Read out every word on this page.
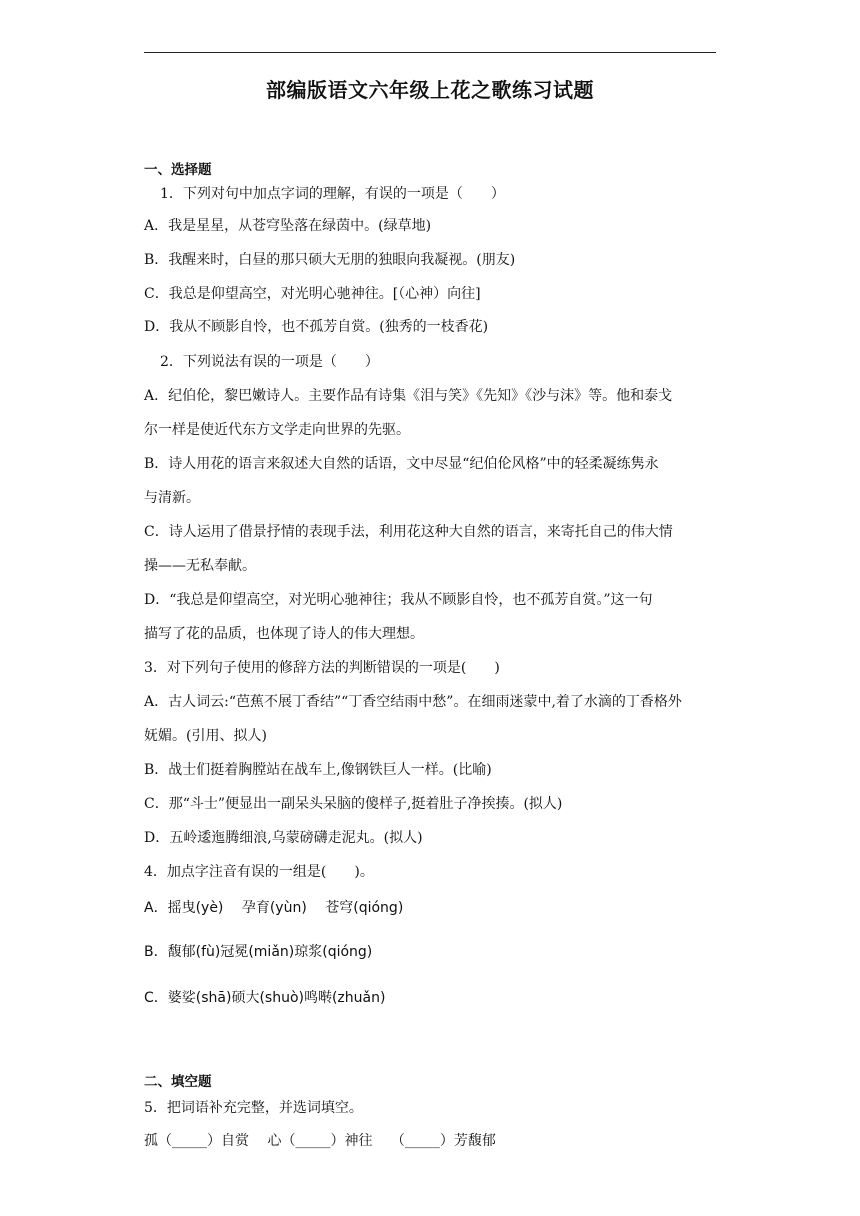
部编版语文六年级上花之歌练习试题
一、选择题
1．下列对句中加点字词的理解，有误的一项是（　　）
A．我是星星，从苍穹坠落在绿茵中。(绿草地)
B．我醒来时，白昼的那只硕大无朋的独眼向我凝视。(朋友)
C．我总是仰望高空，对光明心驰神往。[（心神）向往]
D．我从不顾影自怜，也不孤芳自赏。(独秀的一枝香花)
2．下列说法有误的一项是（　　）
A．纪伯伦，黎巴嫩诗人。主要作品有诗集《泪与笑》《先知》《沙与沫》等。他和泰戈
尔一样是使近代东方文学走向世界的先驱。
B．诗人用花的语言来叙述大自然的话语，文中尽显“纪伯伦风格”中的轻柔凝练隽永
与清新。
C．诗人运用了借景抒情的表现手法，利用花这种大自然的语言，来寄托自己的伟大情
操——无私奉献。
D．“我总是仰望高空，对光明心驰神往；我从不顾影自怜，也不孤芳自赏。”这一句
描写了花的品质，也体现了诗人的伟大理想。
3．对下列句子使用的修辞方法的判断错误的一项是(　　)
A．古人词云:“芭蕉不展丁香结”“丁香空结雨中愁”。在细雨迷蒙中,着了水滴的丁香格外
妩媚。(引用、拟人)
B．战士们挺着胸膛站在战车上,像钢铁巨人一样。(比喻)
C．那“斗士”便显出一副呆头呆脑的傻样子,挺着肚子净挨揍。(拟人)
D．五岭逶迤腾细浪,乌蒙磅礴走泥丸。(拟人)
4．加点字注音有误的一组是(　　)。
A．摇曳(yè)　 孕育(yùn)　 苍穹(qióng)
B．馥郁(fù)冠冕(miǎn)琼浆(qióng)
C．婆娑(shā)硕大(shuò)鸣啭(zhuǎn)
二、填空题
5．把词语补充完整，并选词填空。
孤（_____）自赏　 心（_____）神往　 （_____）芳馥郁
